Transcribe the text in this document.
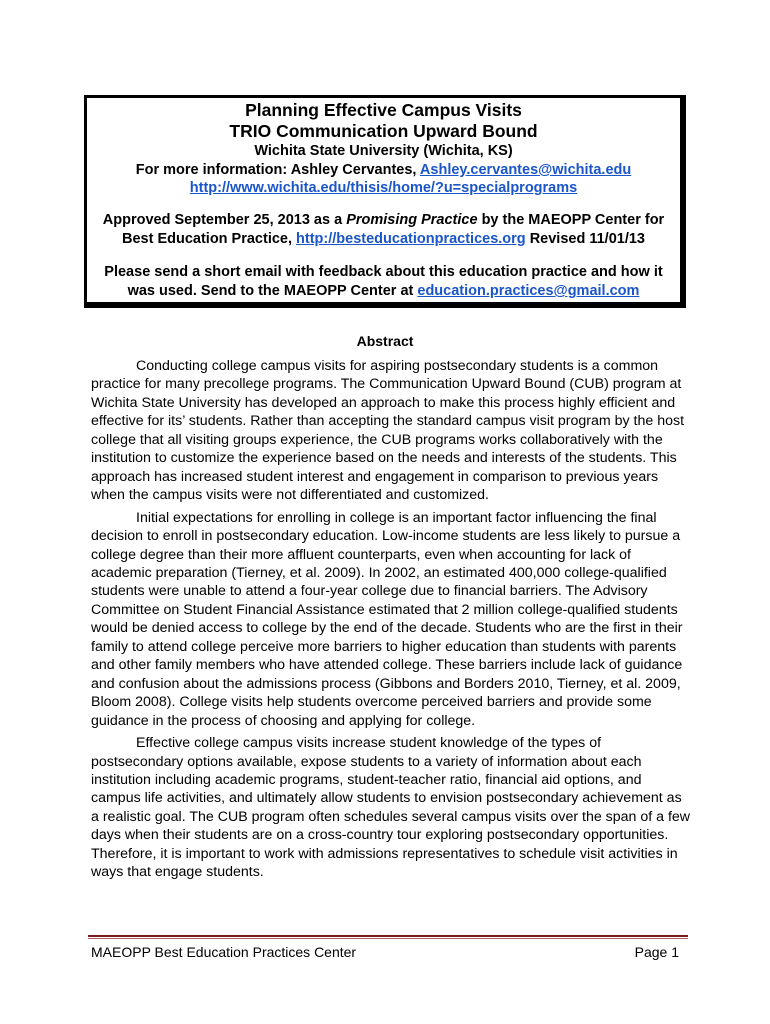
Planning Effective Campus Visits
TRIO Communication Upward Bound
Wichita State University (Wichita, KS)
For more information: Ashley Cervantes, Ashley.cervantes@wichita.edu
http://www.wichita.edu/thisis/home/?u=specialprograms
Approved September 25, 2013 as a Promising Practice by the MAEOPP Center for
Best Education Practice, http://besteducationpractices.org Revised 11/01/13
Please send a short email with feedback about this education practice and how it
was used. Send to the MAEOPP Center at education.practices@gmail.com
Abstract

Conducting college campus visits for aspiring postsecondary students is a common practice for many precollege programs. The Communication Upward Bound (CUB) program at Wichita State University has developed an approach to make this process highly efficient and effective for its’ students. Rather than accepting the standard campus visit program by the host college that all visiting groups experience, the CUB programs works collaboratively with the institution to customize the experience based on the needs and interests of the students. This approach has increased student interest and engagement in comparison to previous years when the campus visits were not differentiated and customized.

Initial expectations for enrolling in college is an important factor influencing the final decision to enroll in postsecondary education. Low-income students are less likely to pursue a college degree than their more affluent counterparts, even when accounting for lack of academic preparation (Tierney, et al. 2009). In 2002, an estimated 400,000 college-qualified students were unable to attend a four-year college due to financial barriers. The Advisory Committee on Student Financial Assistance estimated that 2 million college-qualified students would be denied access to college by the end of the decade. Students who are the first in their family to attend college perceive more barriers to higher education than students with parents and other family members who have attended college. These barriers include lack of guidance and confusion about the admissions process (Gibbons and Borders 2010, Tierney, et al. 2009, Bloom 2008). College visits help students overcome perceived barriers and provide some guidance in the process of choosing and applying for college.

Effective college campus visits increase student knowledge of the types of postsecondary options available, expose students to a variety of information about each institution including academic programs, student-teacher ratio, financial aid options, and campus life activities, and ultimately allow students to envision postsecondary achievement as a realistic goal. The CUB program often schedules several campus visits over the span of a few days when their students are on a cross-country tour exploring postsecondary opportunities. Therefore, it is important to work with admissions representatives to schedule visit activities in ways that engage students.

MAEOPP Best Education Practices Center	Page 1
